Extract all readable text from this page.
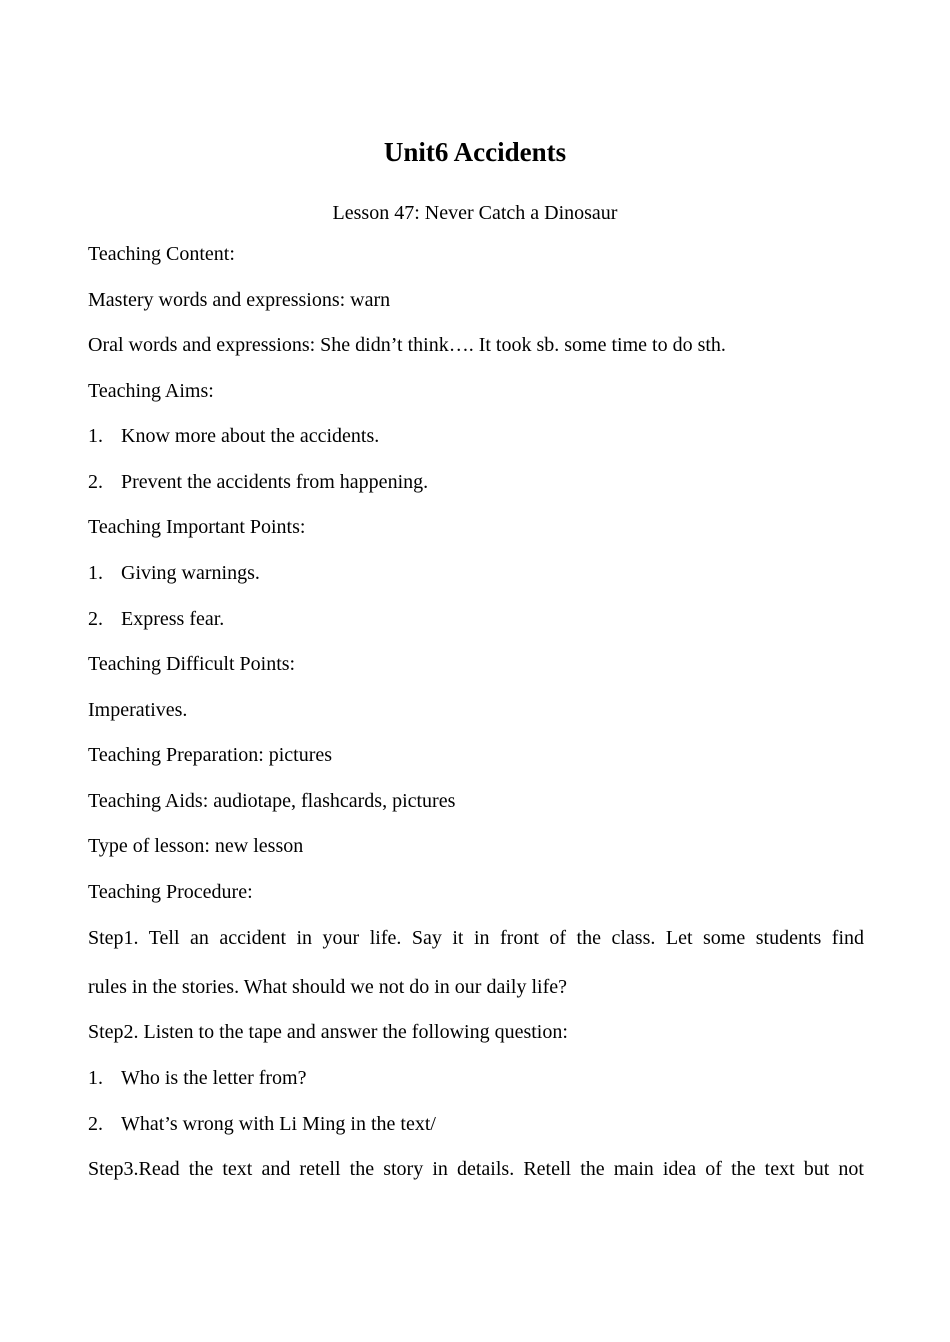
Unit6 Accidents
Lesson 47: Never Catch a Dinosaur
Teaching Content:
Mastery words and expressions: warn
Oral words and expressions: She didn’t think…. It took sb. some time to do sth.
Teaching Aims:
1. Know more about the accidents.
2. Prevent the accidents from happening.
Teaching Important Points:
1. Giving warnings.
2. Express fear.
Teaching Difficult Points:
Imperatives.
Teaching Preparation: pictures
Teaching Aids: audiotape, flashcards, pictures
Type of lesson: new lesson
Teaching Procedure:
Step1. Tell an accident in your life. Say it in front of the class. Let some students find
rules in the stories. What should we not do in our daily life?
Step2. Listen to the tape and answer the following question:
1. Who is the letter from?
2. What’s wrong with Li Ming in the text/
Step3.Read the text and retell the story in details. Retell the main idea of the text but not
